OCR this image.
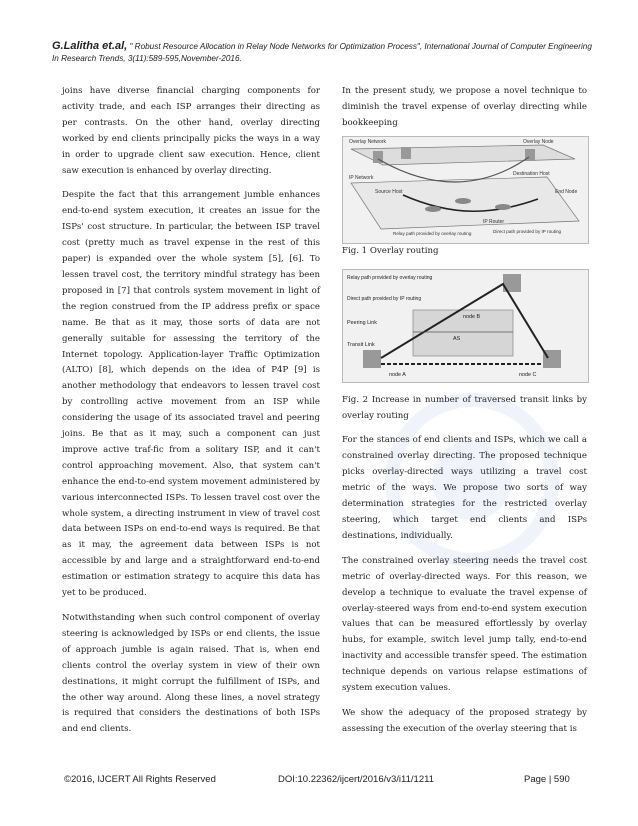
G.Lalitha et.al, " Robust Resource Allocation in Relay Node Networks for Optimization Process", International Journal of Computer Engineering In Research Trends, 3(11):589-595,November-2016.

joins have diverse financial charging components for activity trade, and each ISP arranges their directing as per contrasts. On the other hand, overlay directing worked by end clients principally picks the ways in a way in order to upgrade client saw execution. Hence, client saw execution is enhanced by overlay directing.

Despite the fact that this arrangement jumble enhances end-to-end system execution, it creates an issue for the ISPs' cost structure. In particular, the between ISP travel cost (pretty much as travel expense in the rest of this paper) is expanded over the whole system [5], [6]. To lessen travel cost, the territory mindful strategy has been proposed in [7] that controls system movement in light of the region construed from the IP address prefix or space name. Be that as it may, those sorts of data are not generally suitable for assessing the territory of the Internet topology. Application-layer Traffic Optimization (ALTO) [8], which depends on the idea of P4P [9] is another methodology that endeavors to lessen travel cost by controlling active movement from an ISP while considering the usage of its associated travel and peering joins. Be that as it may, such a component can just improve active traf-fic from a solitary ISP, and it can't control approaching movement. Also, that system can't enhance the end-to-end system movement administered by various interconnected ISPs. To lessen travel cost over the whole system, a directing instrument in view of travel cost data between ISPs on end-to-end ways is required. Be that as it may, the agreement data between ISPs is not accessible by and large and a straightforward end-to-end estimation or estimation strategy to acquire this data has yet to be produced.

Notwithstanding when such control component of overlay steering is acknowledged by ISPs or end clients, the issue of approach jumble is again raised. That is, when end clients control the overlay system in view of their own destinations, it might corrupt the fulfillment of ISPs, and the other way around. Along these lines, a novel strategy is required that considers the destinations of both ISPs and end clients.

In the present study, we propose a novel technique to diminish the travel expense of overlay directing while bookkeeping

Overlay Network	Overlay Node
IP Network
Destination Host
Source Host	End Node
IP Router
Relay path provided by overlay routing	Direct path provided by IP routing

Fig. 1 Overlay routing

Relay path provided by overlay routing
Direct path provided by IP routing
node B
Peering Link
AS
Transit Link
node A	node C

Fig. 2 Increase in number of traversed transit links by overlay routing

For the stances of end clients and ISPs, which we call a constrained overlay directing. The proposed technique picks overlay-directed ways utilizing a travel cost metric of the ways. We propose two sorts of way determination strategies for the restricted overlay steering, which target end clients and ISPs destinations, individually.

The constrained overlay steering needs the travel cost metric of overlay-directed ways. For this reason, we develop a technique to evaluate the travel expense of overlay-steered ways from end-to-end system execution values that can be measured effortlessly by overlay hubs, for example, switch level jump tally, end-to-end inactivity and accessible transfer speed. The estimation technique depends on various relapse estimations of system execution values.

We show the adequacy of the proposed strategy by assessing the execution of the overlay steering that is

©2016, IJCERT All Rights Reserved	DOI:10.22362/ijcert/2016/v3/i11/1211	Page | 590
